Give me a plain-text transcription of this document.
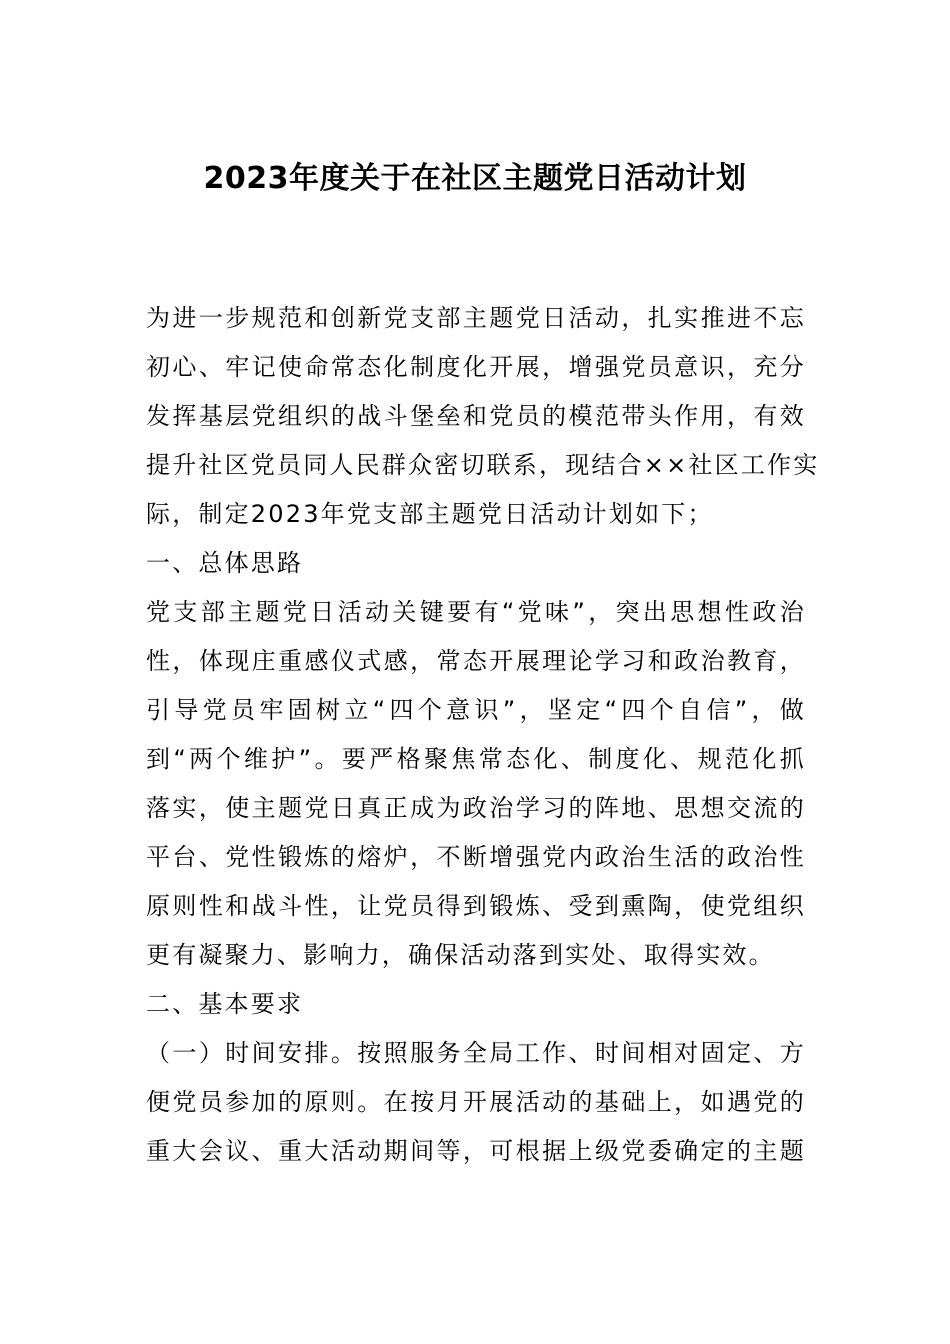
2023年度关于在社区主题党日活动计划
为进一步规范和创新党支部主题党日活动，扎实推进不忘
初心、牢记使命常态化制度化开展，增强党员意识，充分
发挥基层党组织的战斗堡垒和党员的模范带头作用，有效
提升社区党员同人民群众密切联系，现结合××社区工作实
际，制定2023年党支部主题党日活动计划如下；
一、总体思路
党支部主题党日活动关键要有“党味”，突出思想性政治
性，体现庄重感仪式感，常态开展理论学习和政治教育，
引导党员牢固树立“四个意识”，坚定“四个自信”，做
到“两个维护”。要严格聚焦常态化、制度化、规范化抓
落实，使主题党日真正成为政治学习的阵地、思想交流的
平台、党性锻炼的熔炉，不断增强党内政治生活的政治性
原则性和战斗性，让党员得到锻炼、受到熏陶，使党组织
更有凝聚力、影响力，确保活动落到实处、取得实效。
二、基本要求
（一）时间安排。按照服务全局工作、时间相对固定、方
便党员参加的原则。在按月开展活动的基础上，如遇党的
重大会议、重大活动期间等，可根据上级党委确定的主题
